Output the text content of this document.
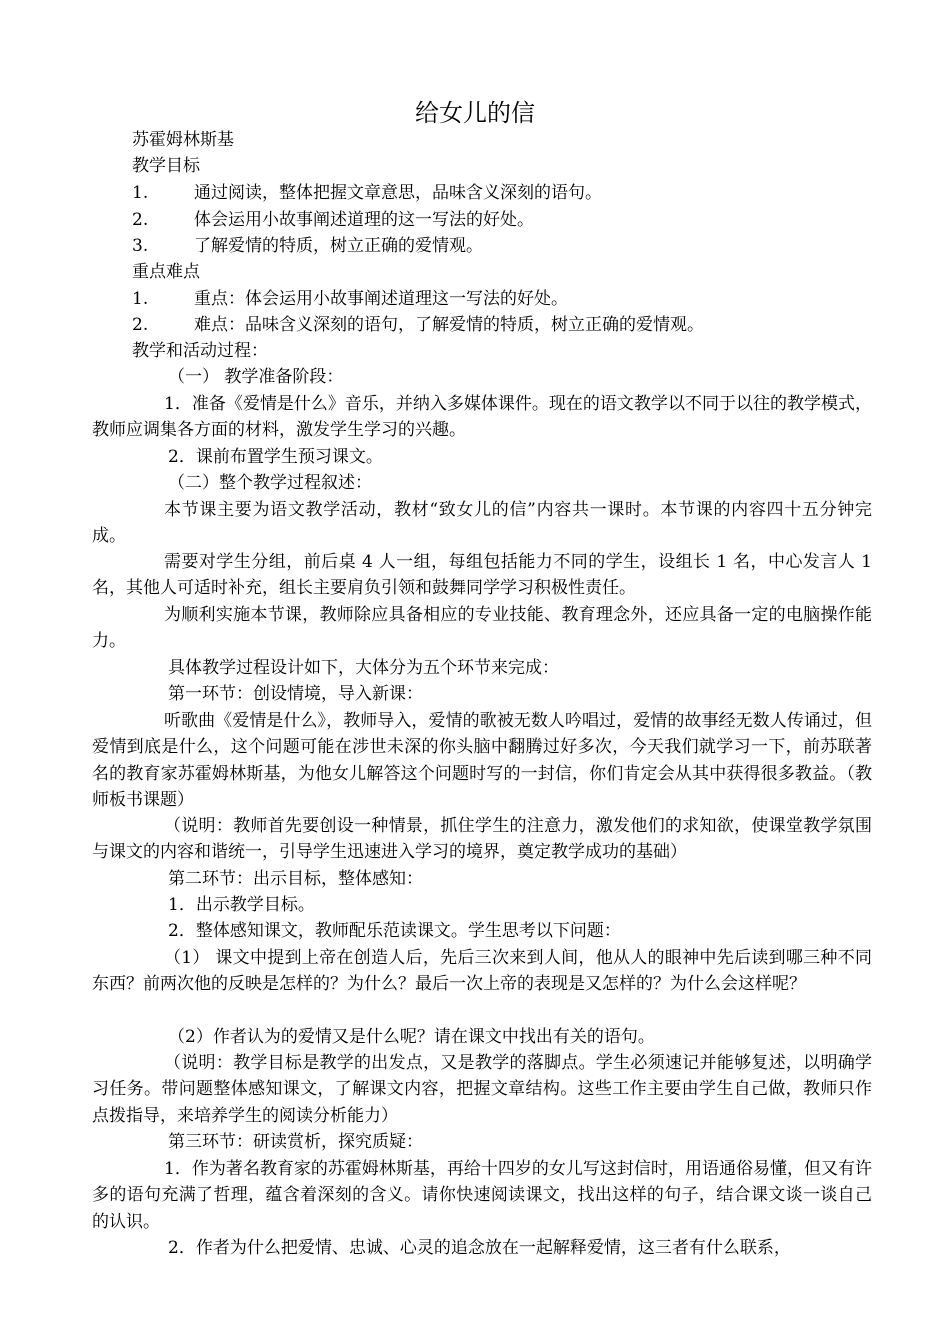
给女儿的信
苏霍姆林斯基
教学目标
1.	通过阅读，整体把握文章意思，品味含义深刻的语句。
2.	体会运用小故事阐述道理的这一写法的好处。
3.	了解爱情的特质，树立正确的爱情观。
重点难点
1.	重点：体会运用小故事阐述道理这一写法的好处。
2.	难点：品味含义深刻的语句，了解爱情的特质，树立正确的爱情观。
教学和活动过程：
（一） 教学准备阶段：
1．准备《爱情是什么》音乐，并纳入多媒体课件。现在的语文教学以不同于以往的教学模式，教师应调集各方面的材料，激发学生学习的兴趣。
2．课前布置学生预习课文。
（二）整个教学过程叙述：
本节课主要为语文教学活动，教材“致女儿的信”内容共一课时。本节课的内容四十五分钟完成。
需要对学生分组，前后桌 4 人一组，每组包括能力不同的学生，设组长 1 名，中心发言人 1 名，其他人可适时补充，组长主要肩负引领和鼓舞同学学习积极性责任。
为顺利实施本节课，教师除应具备相应的专业技能、教育理念外，还应具备一定的电脑操作能力。
具体教学过程设计如下，大体分为五个环节来完成：
第一环节：创设情境，导入新课：
听歌曲《爱情是什么》，教师导入，爱情的歌被无数人吟唱过，爱情的故事经无数人传诵过，但爱情到底是什么，这个问题可能在涉世未深的你头脑中翻腾过好多次，今天我们就学习一下，前苏联著名的教育家苏霍姆林斯基，为他女儿解答这个问题时写的一封信，你们肯定会从其中获得很多教益。（教师板书课题）
（说明：教师首先要创设一种情景，抓住学生的注意力，激发他们的求知欲，使课堂教学氛围与课文的内容和谐统一，引导学生迅速进入学习的境界，奠定教学成功的基础）
第二环节：出示目标，整体感知：
1．出示教学目标。
2．整体感知课文，教师配乐范读课文。学生思考以下问题：
（1） 课文中提到上帝在创造人后，先后三次来到人间，他从人的眼神中先后读到哪三种不同东西？前两次他的反映是怎样的？为什么？最后一次上帝的表现是又怎样的？为什么会这样呢？
（2）作者认为的爱情又是什么呢？请在课文中找出有关的语句。
（说明：教学目标是教学的出发点，又是教学的落脚点。学生必须速记并能够复述，以明确学习任务。带问题整体感知课文，了解课文内容，把握文章结构。这些工作主要由学生自己做，教师只作点拨指导，来培养学生的阅读分析能力）
第三环节：研读赏析，探究质疑：
1．作为著名教育家的苏霍姆林斯基，再给十四岁的女儿写这封信时，用语通俗易懂，但又有许多的语句充满了哲理，蕴含着深刻的含义。请你快速阅读课文，找出这样的句子，结合课文谈一谈自己的认识。
2．作者为什么把爱情、忠诚、心灵的追念放在一起解释爱情，这三者有什么联系，
